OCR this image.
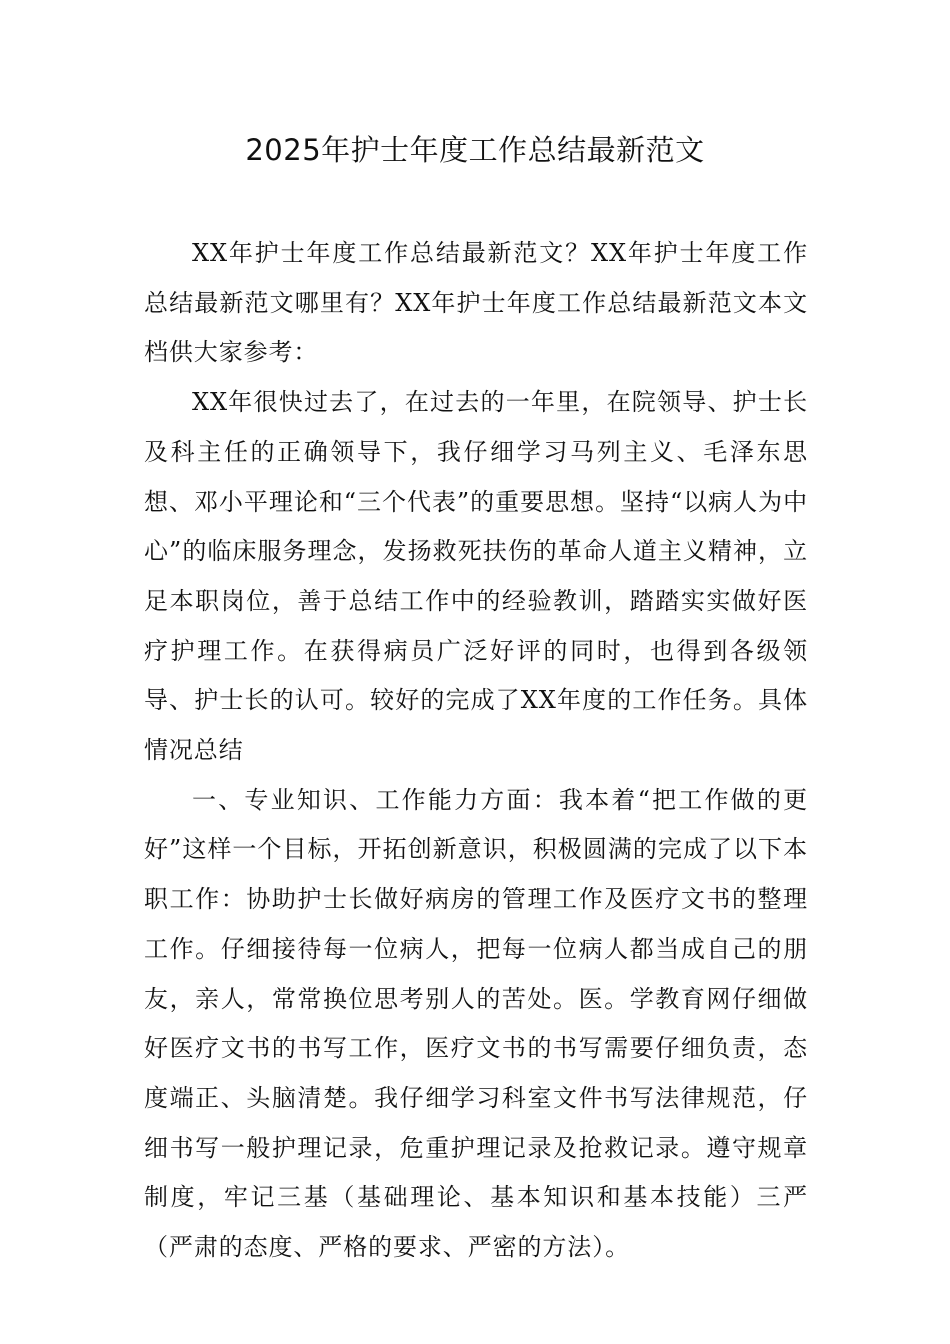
2025年护士年度工作总结最新范文

XX年护士年度工作总结最新范文？XX年护士年度工作总结最新范文哪里有？XX年护士年度工作总结最新范文本文档供大家参考：

XX年很快过去了，在过去的一年里，在院领导、护士长及科主任的正确领导下，我仔细学习马列主义、毛泽东思想、邓小平理论和“三个代表”的重要思想。坚持“以病人为中心”的临床服务理念，发扬救死扶伤的革命人道主义精神，立足本职岗位，善于总结工作中的经验教训，踏踏实实做好医疗护理工作。在获得病员广泛好评的同时，也得到各级领导、护士长的认可。较好的完成了XX年度的工作任务。具体情况总结

一、专业知识、工作能力方面：我本着“把工作做的更好”这样一个目标，开拓创新意识，积极圆满的完成了以下本职工作：协助护士长做好病房的管理工作及医疗文书的整理工作。仔细接待每一位病人，把每一位病人都当成自己的朋友，亲人，常常换位思考别人的苦处。医。学教育网仔细做好医疗文书的书写工作，医疗文书的书写需要仔细负责，态度端正、头脑清楚。我仔细学习科室文件书写法律规范，仔细书写一般护理记录，危重护理记录及抢救记录。遵守规章制度，牢记三基（基础理论、基本知识和基本技能）三严（严肃的态度、严格的要求、严密的方法）。
